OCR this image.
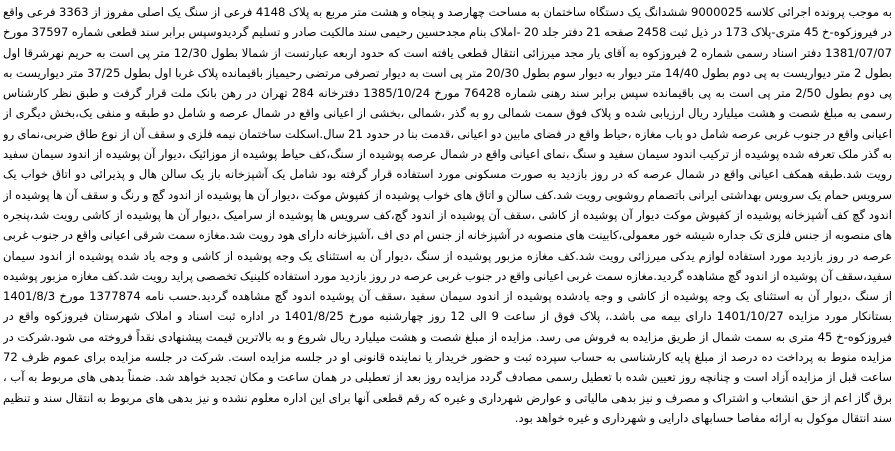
به موجب پرونده اجرائی کلاسه 9000025 ششدانگ یک دستگاه ساختمان به مساحت چهارصد و پنجاه و هشت متر مربع به پلاک 4148 فرعی از سنگ یک اصلی مفروز از 3363 فرعی واقع در فیروزکوه-خ 45 متری-پلاک 173 در ذیل ثبت 2458 صفحه 21 دفتر جلد 20 -املاک بنام مجدحسین رحیمی سند مالکیت صادر و تسلیم گردیدوسپس برابر سند قطعی شماره 37597 مورخ 1381/07/07 دفتر اسناد رسمی شماره 2 فیروزکوه به آقای یار مجد میرزائی انتقال قطعی یافته است که حدود اربعه عبارتست از شمالا بطول 12/30 متر پی است به حریم نهرشرقا اول بطول 2 متر دیواریست به پی دوم بطول 14/40 متر دیوار به دیوار سوم بطول 20/30 متر پی است به دیوار تصرفی مرتضی رحیمیاز باقیمانده پلاک غربا اول بطول 37/25 متر دیواریست به پی دوم بطول 2/50 متر پی است به پی باقیمانده سپس برابر سند رهنی شماره 76428 مورخ 1385/10/24 دفترخانه 284 تهران در رهن بانک ملت قرار گرفت و طبق نظر کارشناس رسمی به مبلغ شصت و هشت میلیارد ریال ارزیابی شده و پلاک فوق سمت شمالی رو به گذر ،شمالی ،بخشی از اعیانی واقع در شمال عرصه و شامل دو طبقه و منفی یک،بخش دیگری از اعیانی واقع در جنوب غربی عرصه شامل دو باب مغازه ،حیاط واقع در فضای مابین دو اعیانی ،قدمت بنا در حدود 21 سال.اسکلت ساختمان نیمه فلزی و سقف آن از نوع طاق ضربی،نمای رو به گذر ملک تعرفه شده پوشیده از ترکیب اندود سیمان سفید و سنگ ،نمای اعیانی واقع در شمال عرصه پوشیده از سنگ،کف حیاط پوشیده از موزائیک ،دیوار آن پوشیده از اندود سیمان سفید رویت شد.طبقه همکف اعیانی واقع در شمال عرصه که در روز بازدید به صورت مسکونی مورد استفاده قرار گرفته بود شامل یک آشپزخانه باز یک سالن هال و پذیرائی دو اتاق خواب یک سرویس حمام یک سرویس بهداشتی ایرانی باتصمام روشویی رویت شد.کف سالن و اتاق های خواب پوشیده از کفپوش موکت ،دیوار آن ها پوشیده از اندود گچ و رنگ و سقف آن ها پوشیده از اندود گچ کف آشپزخانه پوشیده از کفپوش موکت دیوار آن پوشیده از کاشی ،سقف آن پوشیده از اندود گچ،کف سرویس ها پوشیده از سرامیک ،دیوار آن ها پوشیده از کاشی رویت شد،پنجره های منصوبه از جنس فلزی تک جداره شیشه خور معمولی،کابینت های منصوبه در آشپزخانه از جنس ام دی اف ،آشپزخانه دارای هود رویت شد.مغازه سمت شرقی اعیانی واقع در جنوب غربی عرصه در روز بازدید مورد استفاده لوازم یدکی میرزائی رویت شد.کف مغازه مزبور پوشیده از سنگ ،دیوار آن به استثنای یک وجه پوشیده از کاشی و وجه یاد شده پوشیده از اندود سیمان سفید،سقف آن پوشیده از اندود گچ مشاهده گردید.مغازه سمت غربی اعیانی واقع در جنوب غربی عرصه در روز بازدید مورد استفاده کلینیک تخصصی پراید رویت شد.کف مغازه مزبور پوشیده از سنگ ،دیوار آن به استثنای یک وجه پوشیده از کاشی و وجه یادشده پوشیده از اندود سیمان سفید ،سقف آن پوشیده اندود گچ مشاهده گردید.حسب نامه 1377874 مورخ 1401/8/3 بستانکار مورد مزایده 1401/10/27 دارای بیمه می باشد.، پلاک فوق از ساعت 9 الی 12 روز چهارشنبه مورخ 1401/8/25 در اداره ثبت اسناد و املاک شهرستان فیروزکوه واقع در فیروزکوه-خ 45 متری به سمت شمال از طریق مزایده به فروش می رسد. مزایده از مبلغ شصت و هشت میلیارد ریال شروع و به بالاترین قیمت پیشنهادی نقداً فروخته می شود.شرکت در مزایده منوط به پرداخت ده درصد از مبلغ پایه کارشناسی به حساب سپرده ثبت و حضور خریدار یا نماینده قانونی او در جلسه مزایده است. شرکت در جلسه مزایده برای عموم ظرف 72 ساعت قبل از مزایده آزاد است و چنانچه روز تعیین شده با تعطیل رسمی مصادف گردد مزایده روز بعد از تعطیلی در همان ساعت و مکان تجدید خواهد شد. ضمناً بدهی های مربوط به آب ، برق گاز اعم از حق انشعاب و اشتراک و مصرف و نیز بدهی مالیاتی و عوارض شهرداری و غیره که رقم قطعی آنها برای این اداره معلوم نشده و نیز بدهی های مربوط به انتقال سند و تنظیم سند انتقال موکول به ارائه مفاصا حسابهای دارایی و شهرداری و غیره خواهد بود.
